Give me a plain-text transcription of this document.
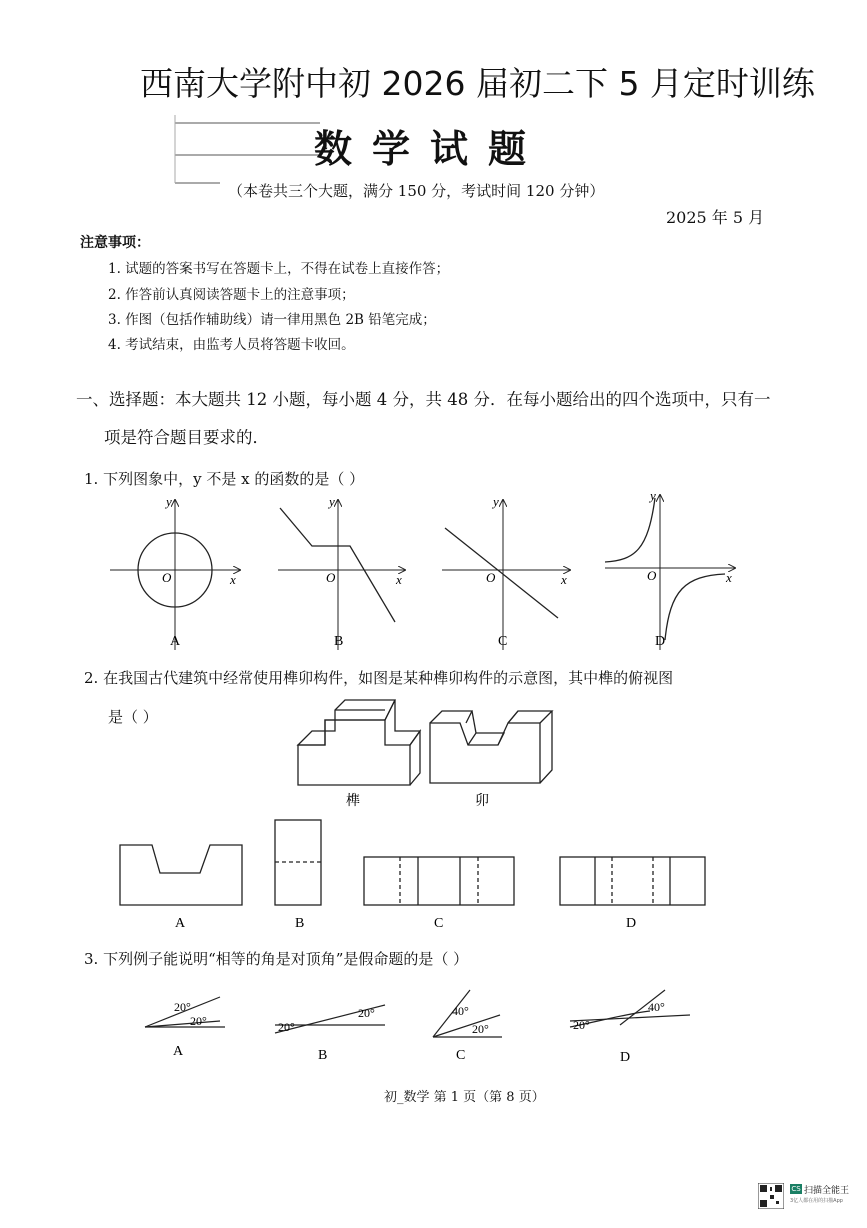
西南大学附中初 2026 届初二下 5 月定时训练
数学试题
（本卷共三个大题，满分 150 分，考试时间 120 分钟）
2025 年 5 月
注意事项：
1. 试题的答案书写在答题卡上，不得在试卷上直接作答；
2. 作答前认真阅读答题卡上的注意事项；
3. 作图（包括作辅助线）请一律用黑色 2B 铅笔完成；
4. 考试结束，由监考人员将答题卡收回。
一、选择题：本大题共 12 小题，每小题 4 分，共 48 分．在每小题给出的四个选项中，只有一
项是符合题目要求的．
1. 下列图象中，y 不是 x 的函数的是（ ）
x
y
O
A
x
y
O
B
x
y
O
C
x
y
O
D
2. 在我国古代建筑中经常使用榫卯构件，如图是某种榫卯构件的示意图，其中榫的俯视图
是（ ）
榫	卯
A	B	C	D
3. 下列例子能说明“相等的角是对顶角”是假命题的是（ ）
20°
20°
A
20°
20°
B
40°
20°
C
20°
40°
D
初_数学 第 1 页（第 8 页）
CS 扫描全能王
3亿人都在用的扫描App
